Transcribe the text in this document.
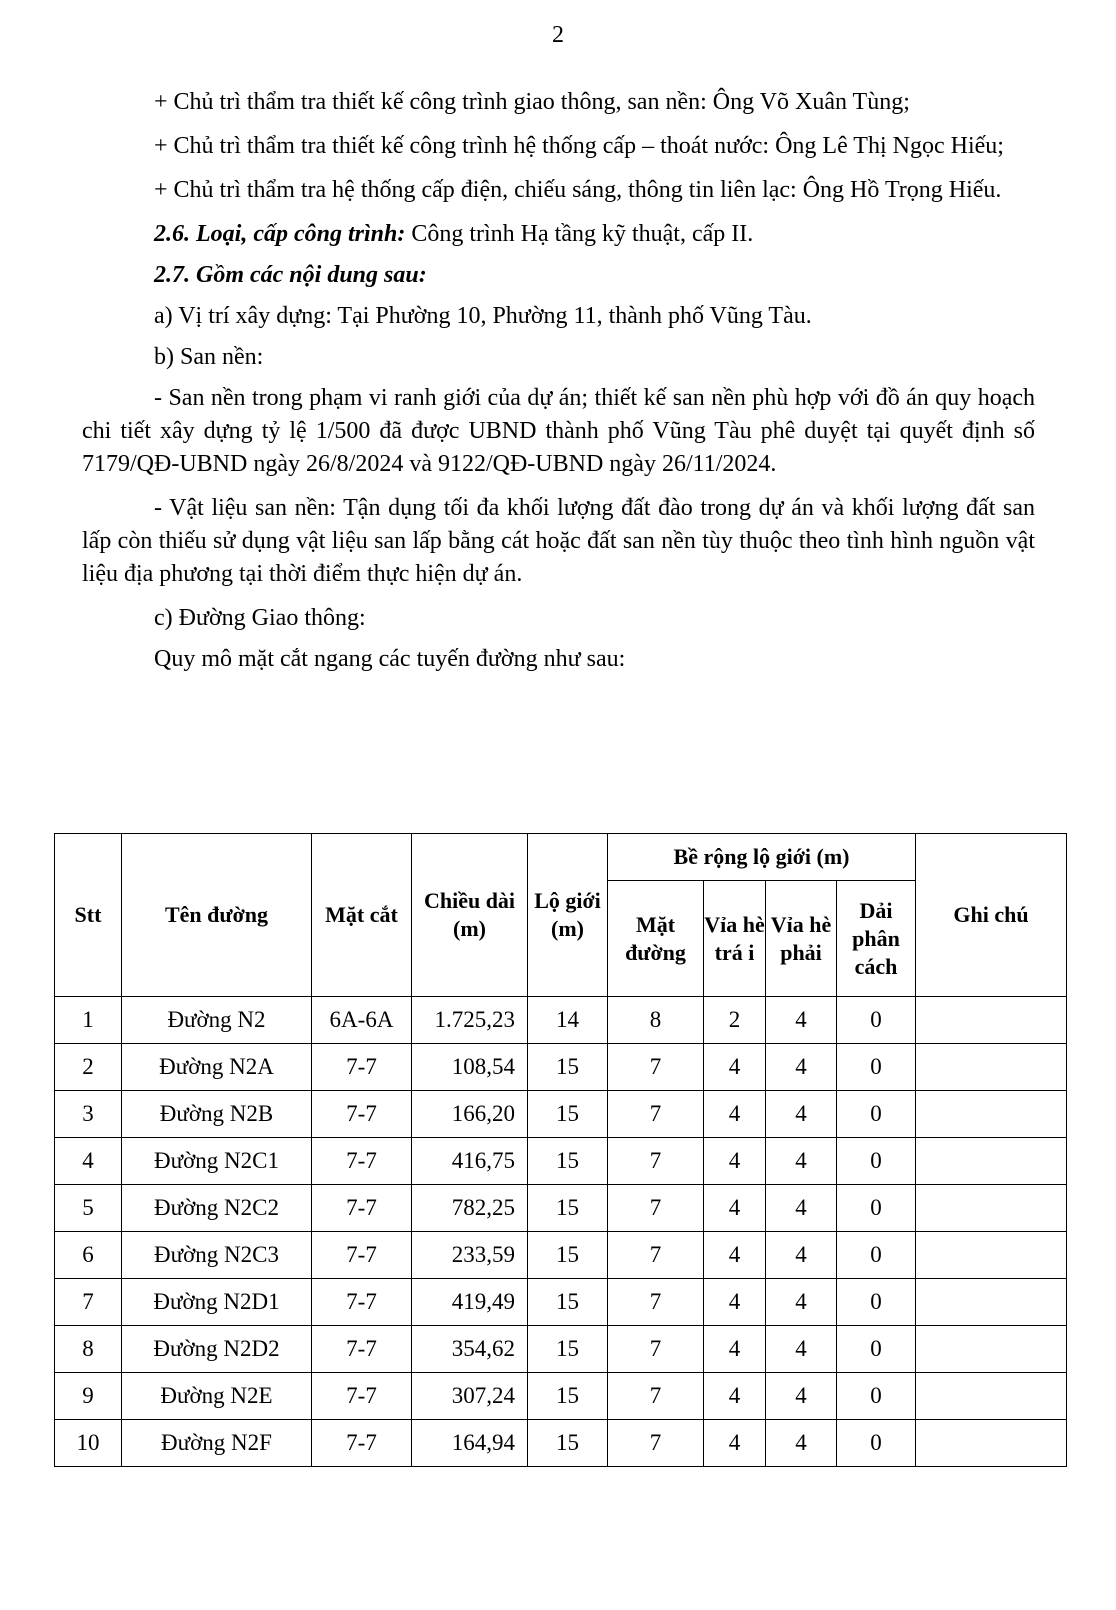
2

+ Chủ trì thẩm tra thiết kế công trình giao thông, san nền: Ông Võ Xuân Tùng;

+ Chủ trì thẩm tra thiết kế công trình hệ thống cấp – thoát nước: Ông Lê Thị Ngọc Hiếu;

+ Chủ trì thẩm tra hệ thống cấp điện, chiếu sáng, thông tin liên lạc: Ông Hồ Trọng Hiếu.

2.6. Loại, cấp công trình: Công trình Hạ tầng kỹ thuật, cấp II.

2.7. Gồm các nội dung sau:

a) Vị trí xây dựng: Tại Phường 10, Phường 11, thành phố Vũng Tàu.

b) San nền:

- San nền trong phạm vi ranh giới của dự án; thiết kế san nền phù hợp với đồ án quy hoạch chi tiết xây dựng tỷ lệ 1/500 đã được UBND thành phố Vũng Tàu phê duyệt tại quyết định số 7179/QĐ-UBND ngày 26/8/2024 và 9122/QĐ-UBND ngày 26/11/2024.

- Vật liệu san nền: Tận dụng tối đa khối lượng đất đào trong dự án và khối lượng đất san lấp còn thiếu sử dụng vật liệu san lấp bằng cát hoặc đất san nền tùy thuộc theo tình hình nguồn vật liệu địa phương tại thời điểm thực hiện dự án.

c) Đường Giao thông:

Quy mô mặt cắt ngang các tuyến đường như sau:

Stt	Tên đường	Mặt cắt	Chiều dài (m)	Lộ giới (m)	Bề rộng lộ giới (m)				Ghi chú
					Mặt đường	Vỉa hè trá i	Vỉa hè phải	Dải phân cách	
1	Đường N2	6A-6A	1.725,23	14	8	2	4	0	
2	Đường N2A	7-7	108,54	15	7	4	4	0	
3	Đường N2B	7-7	166,20	15	7	4	4	0	
4	Đường N2C1	7-7	416,75	15	7	4	4	0	
5	Đường N2C2	7-7	782,25	15	7	4	4	0	
6	Đường N2C3	7-7	233,59	15	7	4	4	0	
7	Đường N2D1	7-7	419,49	15	7	4	4	0	
8	Đường N2D2	7-7	354,62	15	7	4	4	0	
9	Đường N2E	7-7	307,24	15	7	4	4	0	
10	Đường N2F	7-7	164,94	15	7	4	4	0	
